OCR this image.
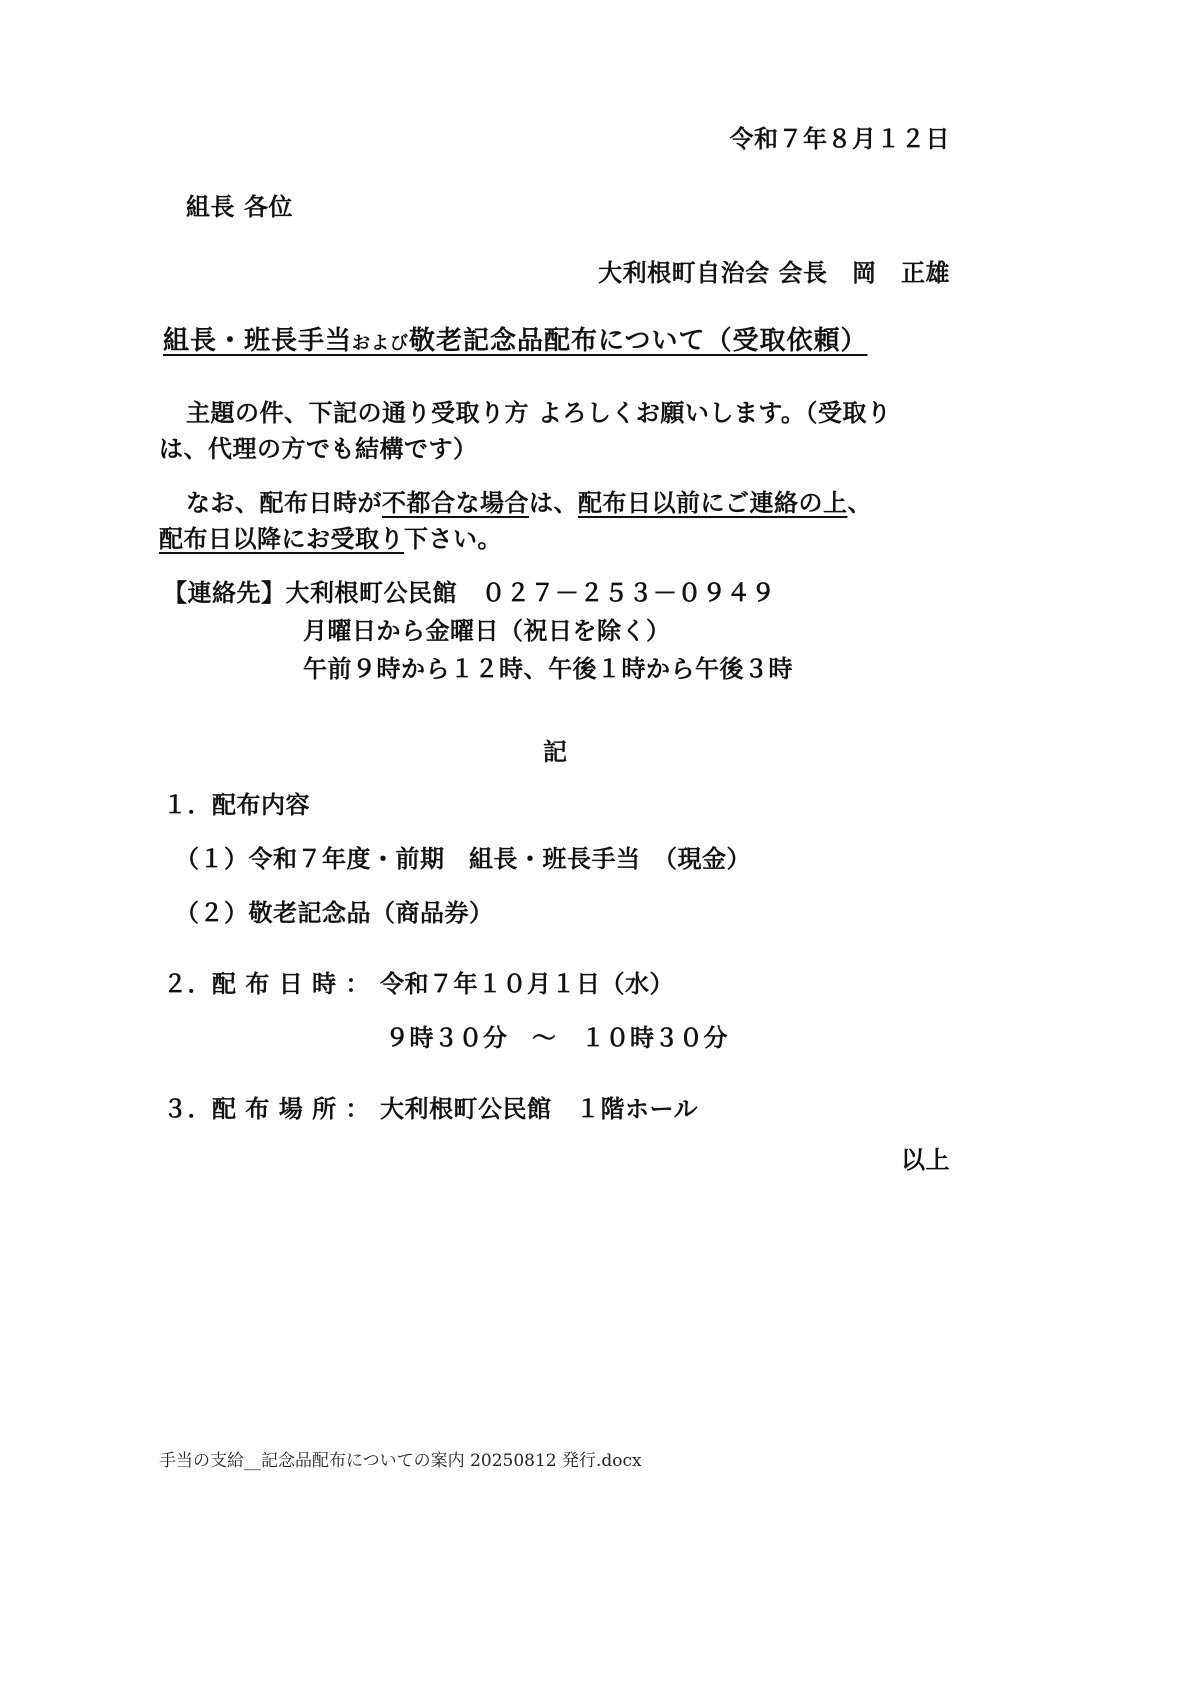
令和７年８月１２日
組長 各位
大利根町自治会 会長　岡　正雄
組長・班長手当および敬老記念品配布について（受取依頼）
主題の件、下記の通り受取り方 よろしくお願いします。（受取り
は、代理の方でも結構です）
なお、配布日時が不都合な場合は、配布日以前にご連絡の上、
配布日以降にお受取り下さい。
【連絡先】大利根町公民館　０２７－２５３－０９４９
月曜日から金曜日（祝日を除く）
午前９時から１２時、午後１時から午後３時
記
１．配布内容
（１）令和７年度・前期　組長・班長手当　（現金）
（２）敬老記念品（商品券）
２．配 布 日 時 ： 令和７年１０月１日（水）
９時３０分　～　１０時３０分
３．配 布 場 所 ： 大利根町公民館　１階ホール
以上
手当の支給__記念品配布についての案内 20250812 発行.docx
